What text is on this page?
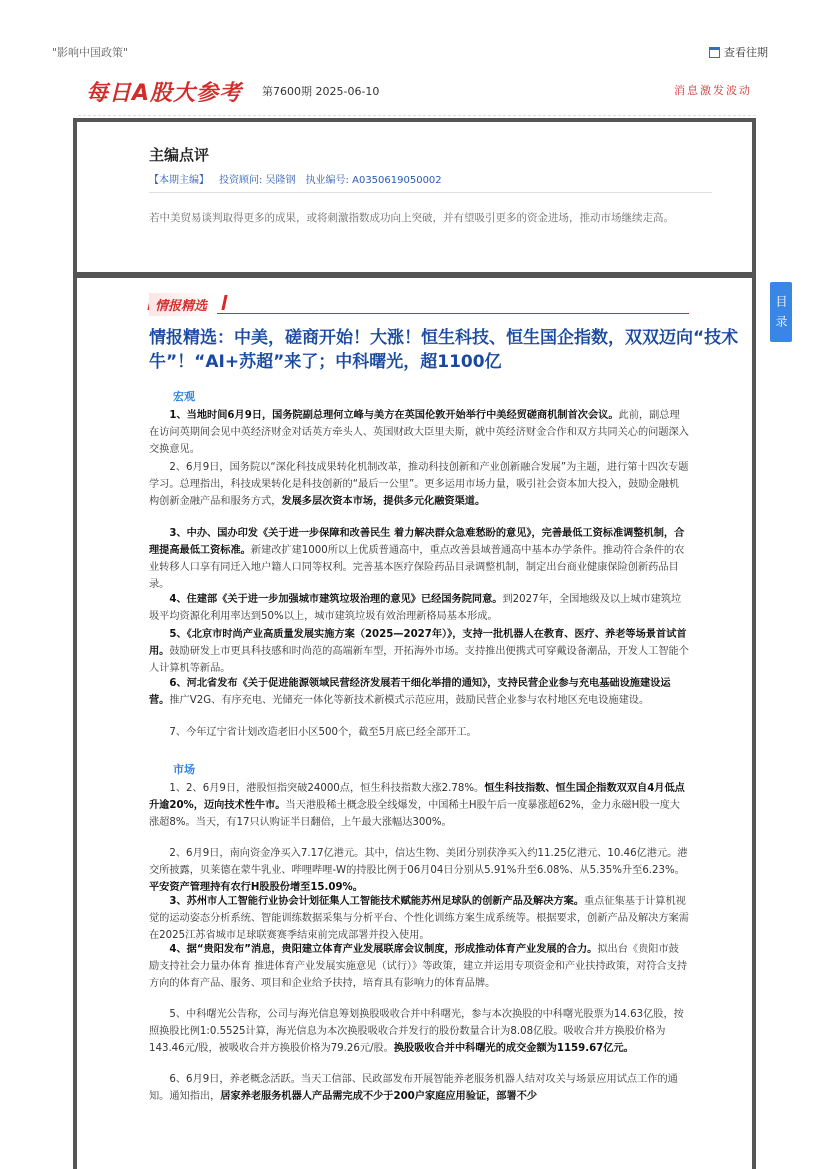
"影响中国政策"	查看往期
每日A股大参考 第7600期 2025-06-10	消息激发波动
主编点评
【本期主编】 投资顾问: 吴隆钢 执业编号: A0350619050002
若中美贸易谈判取得更多的成果，或将刺激指数成功向上突破，并有望吸引更多的资金进场，推动市场继续走高。
情报精选
情报精选：中美，磋商开始！大涨！恒生科技、恒生国企指数，双双迈向“技术牛”！“AI+苏超”来了；中科曙光，超1100亿
宏观
1、当地时间6月9日，国务院副总理何立峰与美方在英国伦敦开始举行中美经贸磋商机制首次会议。此前，副总理在访问英期间会见中英经济财金对话英方牵头人、英国财政大臣里夫斯，就中英经济财金合作和双方共同关心的问题深入交换意见。
2、6月9日，国务院以“深化科技成果转化机制改革，推动科技创新和产业创新融合发展”为主题，进行第十四次专题学习。总理指出，科技成果转化是科技创新的“最后一公里”。更多运用市场力量，吸引社会资本加大投入，鼓励金融机构创新金融产品和服务方式，发展多层次资本市场，提供多元化融资渠道。
3、中办、国办印发《关于进一步保障和改善民生 着力解决群众急难愁盼的意见》，完善最低工资标准调整机制，合理提高最低工资标准。新建改扩建1000所以上优质普通高中，重点改善县域普通高中基本办学条件。推动符合条件的农业转移人口享有同迁入地户籍人口同等权利。完善基本医疗保险药品目录调整机制，制定出台商业健康保险创新药品目录。
4、住建部《关于进一步加强城市建筑垃圾治理的意见》已经国务院同意。到2027年，全国地级及以上城市建筑垃圾平均资源化利用率达到50%以上，城市建筑垃圾有效治理新格局基本形成。
5、《北京市时尚产业高质量发展实施方案（2025—2027年）》，支持一批机器人在教育、医疗、养老等场景首试首用。鼓励研发上市更具科技感和时尚范的高端新车型，开拓海外市场。支持推出便携式可穿戴设备潮品，开发人工智能个人计算机等新品。
6、河北省发布《关于促进能源领域民营经济发展若干细化举措的通知》，支持民营企业参与充电基础设施建设运营。推广V2G、有序充电、光储充一体化等新技术新模式示范应用，鼓励民营企业参与农村地区充电设施建设。
7、今年辽宁省计划改造老旧小区500个，截至5月底已经全部开工。
市场
1、2、6月9日，港股恒指突破24000点，恒生科技指数大涨2.78%。恒生科技指数、恒生国企指数双双自4月低点升逾20%，迈向技术性牛市。当天港股稀土概念股全线爆发，中国稀土H股午后一度暴涨超62%，金力永磁H股一度大涨超8%。当天，有17只认购证半日翻倍，上午最大涨幅达300%。
2、6月9日，南向资金净买入7.17亿港元。其中，信达生物、美团分别获净买入约11.25亿港元、10.46亿港元。港交所披露，贝莱德在蒙牛乳业、哔哩哔哩-W的持股比例于06月04日分别从5.91%升至6.08%、从5.35%升至6.23%。平安资产管理持有农行H股股份增至15.09%。
3、苏州市人工智能行业协会计划征集人工智能技术赋能苏州足球队的创新产品及解决方案。重点征集基于计算机视觉的运动姿态分析系统、智能训练数据采集与分析平台、个性化训练方案生成系统等。根据要求，创新产品及解决方案需在2025江苏省城市足球联赛赛季结束前完成部署并投入使用。
4、据“贵阳发布”消息，贵阳建立体育产业发展联席会议制度，形成推动体育产业发展的合力。拟出台《贵阳市鼓励支持社会力量办体育 推进体育产业发展实施意见（试行）》等政策，建立并运用专项资金和产业扶持政策，对符合支持方向的体育产品、服务、项目和企业给予扶持，培育具有影响力的体育品牌。
5、中科曙光公告称，公司与海光信息筹划换股吸收合并中科曙光，参与本次换股的中科曙光股票为14.63亿股，按照换股比例1:0.5525计算，海光信息为本次换股吸收合并发行的股份数量合计为8.08亿股。吸收合并方换股价格为143.46元/股，被吸收合并方换股价格为79.26元/股。换股吸收合并中科曙光的成交金额为1159.67亿元。
6、6月9日，养老概念活跃。当天工信部、民政部发布开展智能养老服务机器人结对攻关与场景应用试点工作的通知。通知指出，居家养老服务机器人产品需完成不少于200户家庭应用验证，部署不少
目录
